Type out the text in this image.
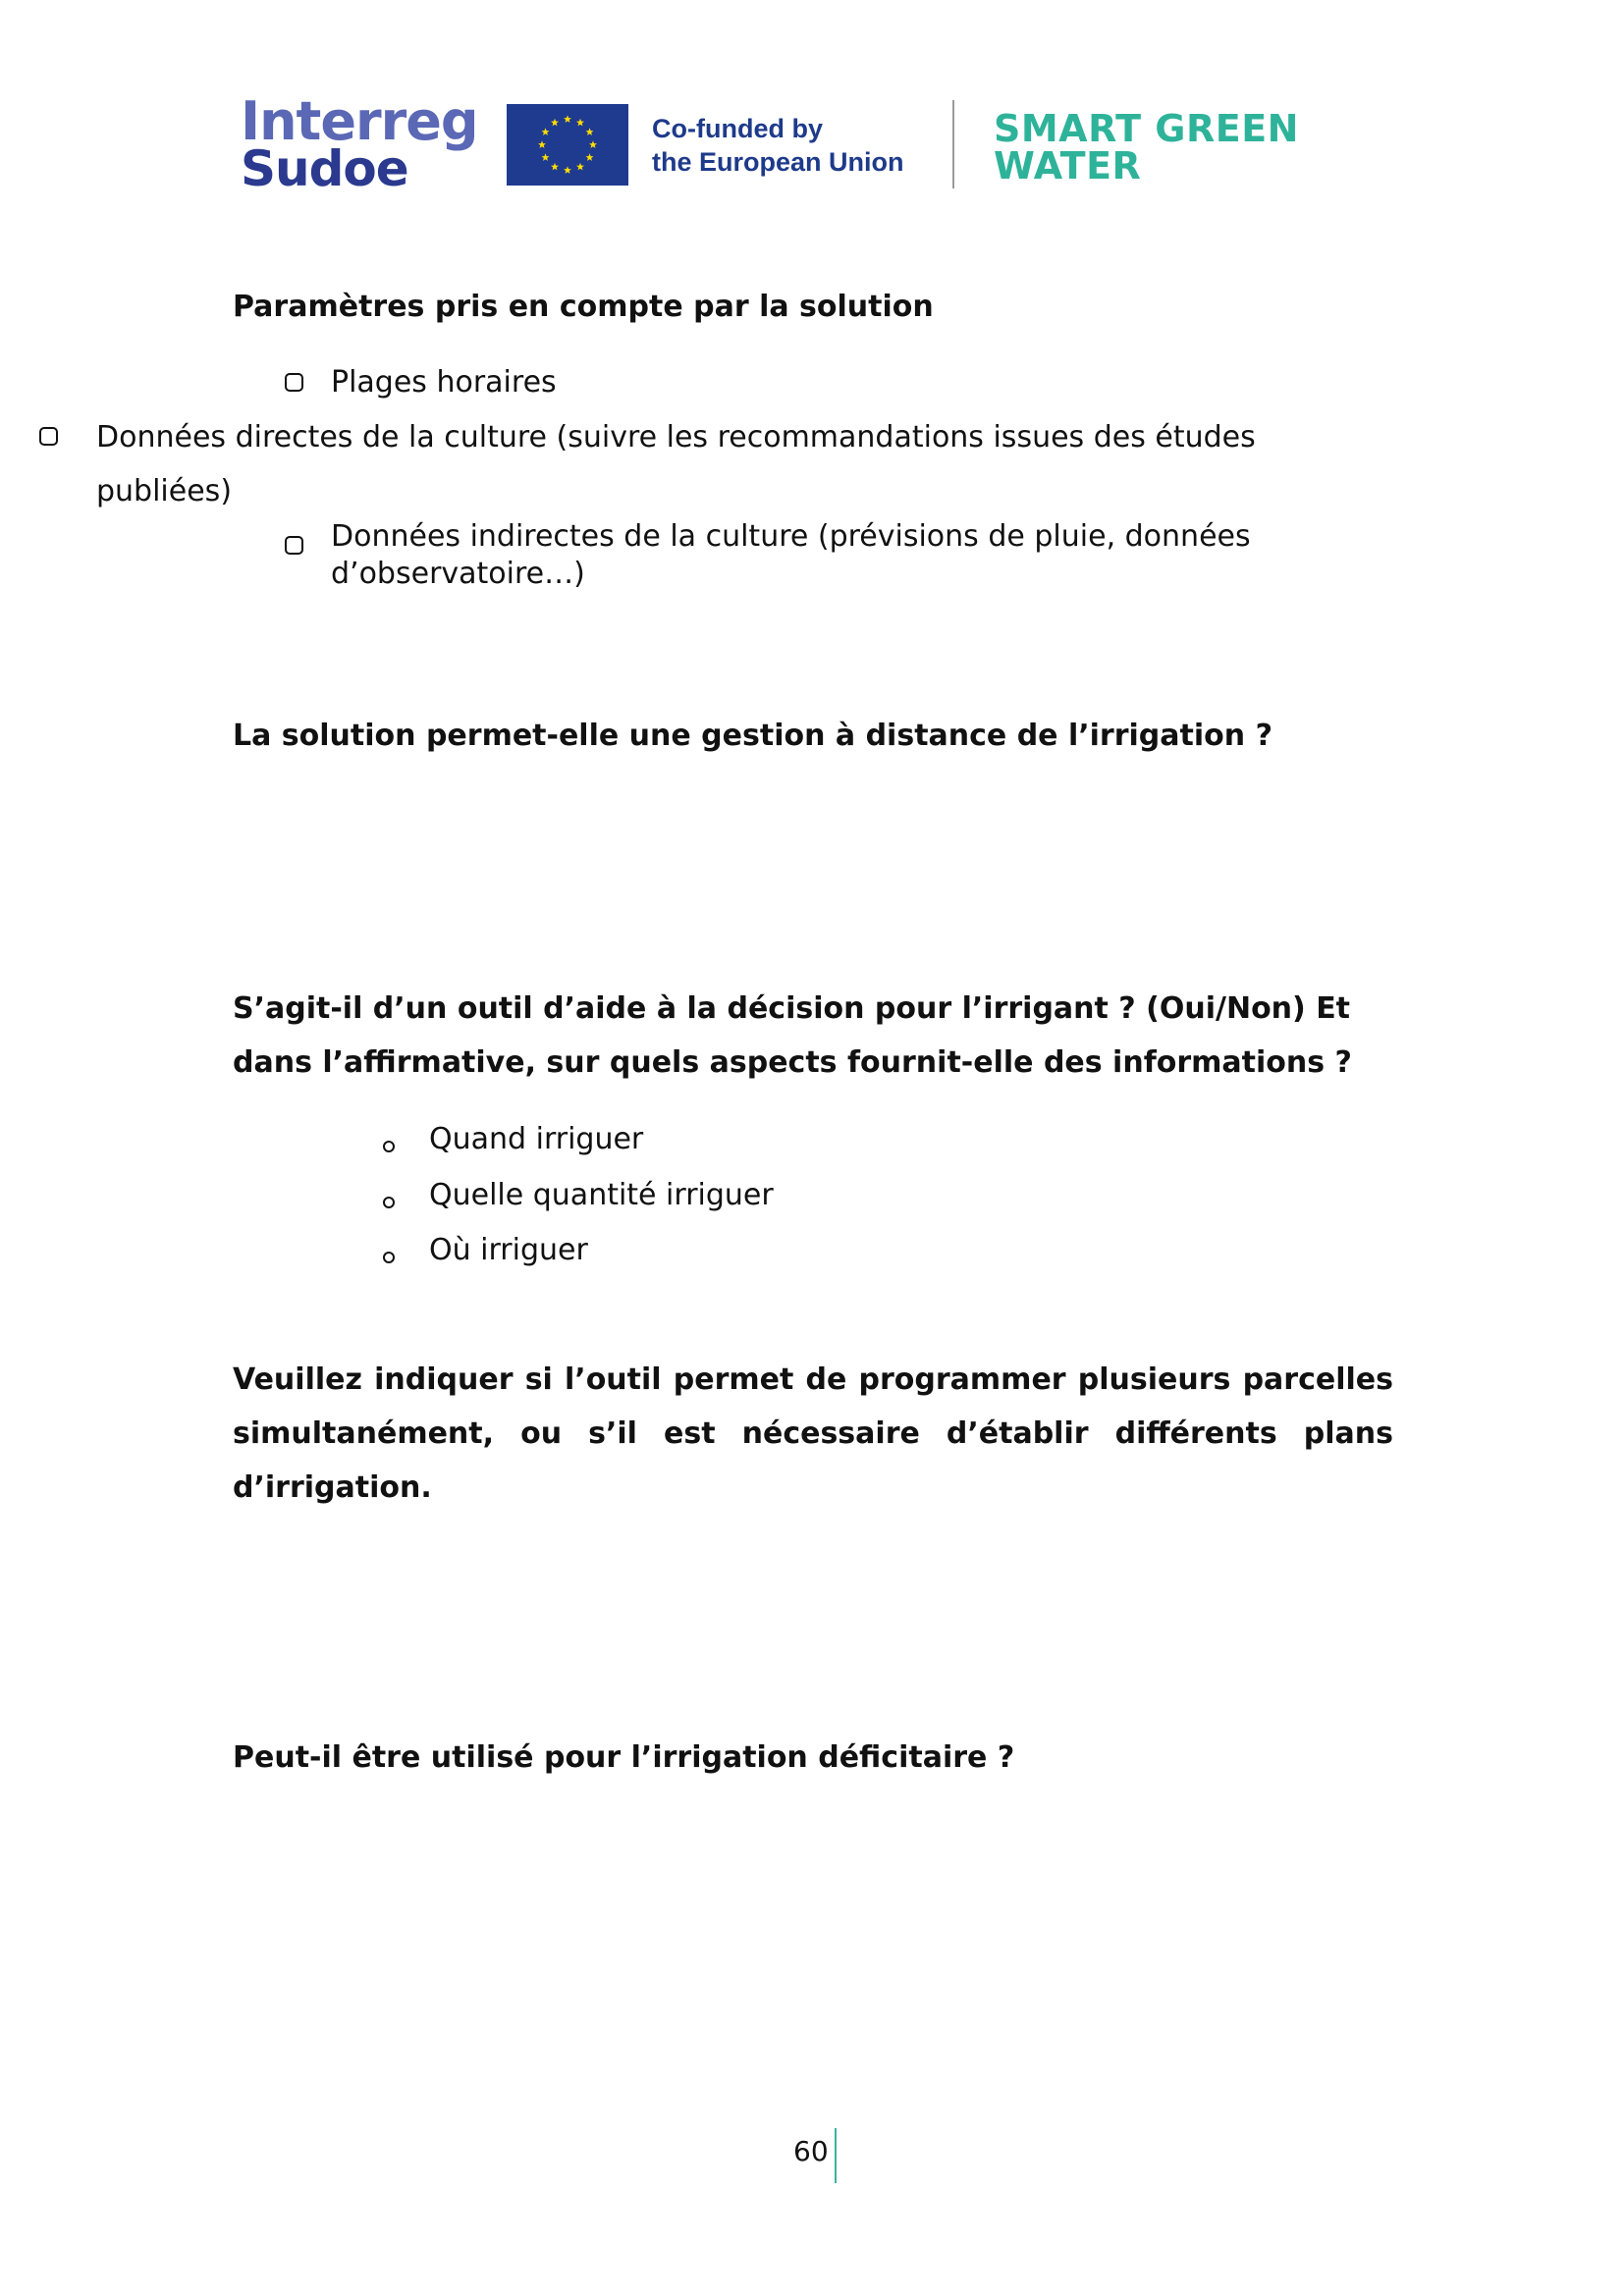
Interreg
Sudoe
Co-funded by
the European Union
SMART GREEN
WATER
Paramètres pris en compte par la solution
Plages horaires
Données directes de la culture (suivre les recommandations issues des études
publiées)
Données indirectes de la culture (prévisions de pluie, données
d’observatoire…)
La solution permet-elle une gestion à distance de l’irrigation ?
S’agit-il d’un outil d’aide à la décision pour l’irrigant ? (Oui/Non) Et
dans l’affirmative, sur quels aspects fournit-elle des informations ?
Quand irriguer
Quelle quantité irriguer
Où irriguer
Veuillez indiquer si l’outil permet de programmer plusieurs parcelles simultanément, ou s’il est nécessaire d’établir différents plans d’irrigation.
Peut-il être utilisé pour l’irrigation déficitaire ?
60
